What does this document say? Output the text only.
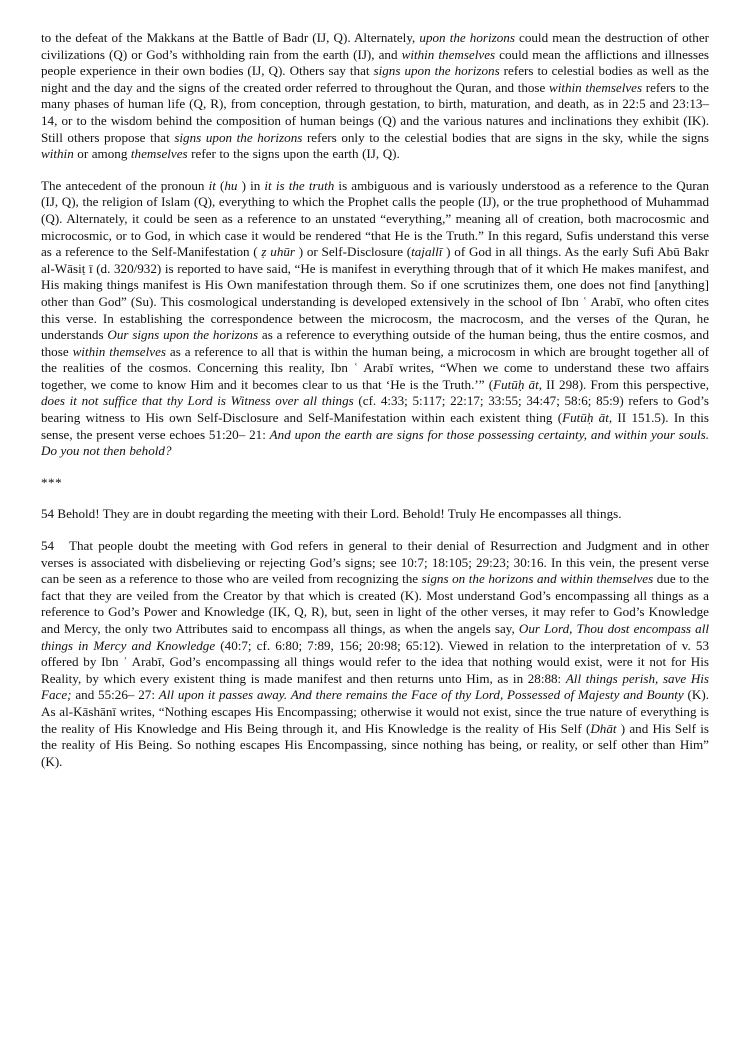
to the defeat of the Makkans at the Battle of Badr (IJ, Q). Alternately, upon the horizons could mean the destruction of other civilizations (Q) or God’s withholding rain from the earth (IJ), and within themselves could mean the afflictions and illnesses people experience in their own bodies (IJ, Q). Others say that signs upon the horizons refers to celestial bodies as well as the night and the day and the signs of the created order referred to throughout the Quran, and those within themselves refers to the many phases of human life (Q, R), from conception, through gestation, to birth, maturation, and death, as in 22:5 and 23:13– 14, or to the wisdom behind the composition of human beings (Q) and the various natures and inclinations they exhibit (IK). Still others propose that signs upon the horizons refers only to the celestial bodies that are signs in the sky, while the signs within or among themselves refer to the signs upon the earth (IJ, Q).

The antecedent of the pronoun it (hu ) in it is the truth is ambiguous and is variously understood as a reference to the Quran (IJ, Q), the religion of Islam (Q), everything to which the Prophet calls the people (IJ), or the true prophethood of Muhammad (Q). Alternately, it could be seen as a reference to an unstated “everything,” meaning all of creation, both macrocosmic and microcosmic, or to God, in which case it would be rendered “that He is the Truth.” In this regard, Sufis understand this verse as a reference to the Self-Manifestation ( ẓ uhūr ) or Self-Disclosure (tajallī ) of God in all things. As the early Sufi Abū Bakr al-Wāsiṭ ī (d. 320/932) is reported to have said, “He is manifest in everything through that of it which He makes manifest, and His making things manifest is His Own manifestation through them. So if one scrutinizes them, one does not find [anything] other than God” (Su). This cosmological understanding is developed extensively in the school of Ibn ʿ Arabī, who often cites this verse. In establishing the correspondence between the microcosm, the macrocosm, and the verses of the Quran, he understands Our signs upon the horizons as a reference to everything outside of the human being, thus the entire cosmos, and those within themselves as a reference to all that is within the human being, a microcosm in which are brought together all of the realities of the cosmos. Concerning this reality, Ibn ʿ Arabī writes, “When we come to understand these two affairs together, we come to know Him and it becomes clear to us that ‘He is the Truth.’” (Futūḥ āt, II 298). From this perspective, does it not suffice that thy Lord is Witness over all things (cf. 4:33; 5:117; 22:17; 33:55; 34:47; 58:6; 85:9) refers to God’s bearing witness to His own Self-Disclosure and Self-Manifestation within each existent thing (Futūḥ āt, II 151.5). In this sense, the present verse echoes 51:20– 21: And upon the earth are signs for those possessing certainty, and within your souls. Do you not then behold?

***

54 Behold! They are in doubt regarding the meeting with their Lord. Behold! Truly He encompasses all things.

54 That people doubt the meeting with God refers in general to their denial of Resurrection and Judgment and in other verses is associated with disbelieving or rejecting God’s signs; see 10:7; 18:105; 29:23; 30:16. In this vein, the present verse can be seen as a reference to those who are veiled from recognizing the signs on the horizons and within themselves due to the fact that they are veiled from the Creator by that which is created (K). Most understand God’s encompassing all things as a reference to God’s Power and Knowledge (IK, Q, R), but, seen in light of the other verses, it may refer to God’s Knowledge and Mercy, the only two Attributes said to encompass all things, as when the angels say, Our Lord, Thou dost encompass all things in Mercy and Knowledge (40:7; cf. 6:80; 7:89, 156; 20:98; 65:12). Viewed in relation to the interpretation of v. 53 offered by Ibn ʿ Arabī, God’s encompassing all things would refer to the idea that nothing would exist, were it not for His Reality, by which every existent thing is made manifest and then returns unto Him, as in 28:88: All things perish, save His Face; and 55:26– 27: All upon it passes away. And there remains the Face of thy Lord, Possessed of Majesty and Bounty (K). As al-Kāshānī writes, “Nothing escapes His Encompassing; otherwise it would not exist, since the true nature of everything is the reality of His Knowledge and His Being through it, and His Knowledge is the reality of His Self (Dhāt ) and His Self is the reality of His Being. So nothing escapes His Encompassing, since nothing has being, or reality, or self other than Him” (K).
